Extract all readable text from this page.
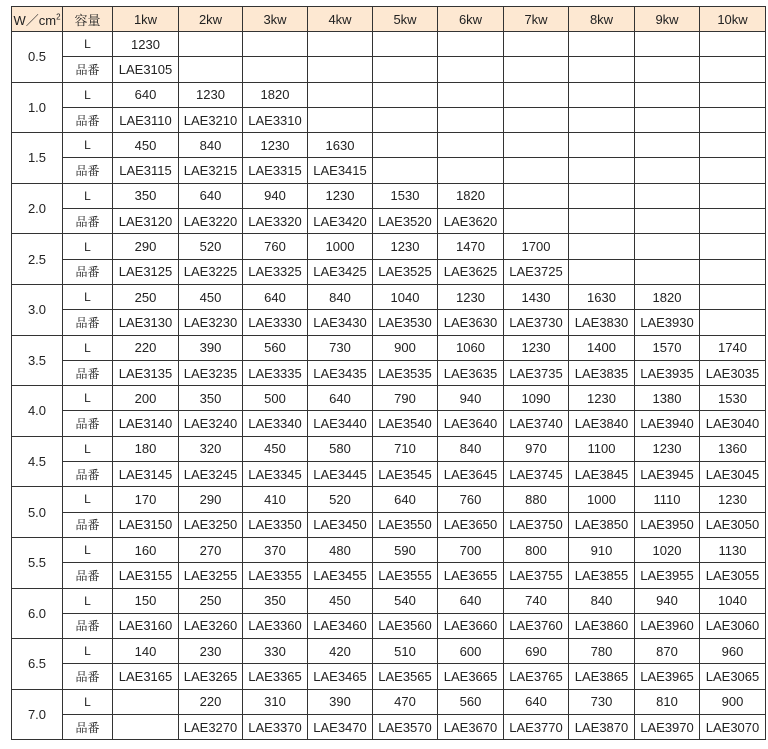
$W/cm^2$	容量	1kw	2kw	3kw	4kw	5kw	6kw	7kw	8kw	9kw	10kw
0.5	L	1230									
	品番	LAE3105									
1.0	L	640	1230	1820							
	品番	LAE3110	LAE3210	LAE3310							
1.5	L	450	840	1230	1630						
	品番	LAE3115	LAE3215	LAE3315	LAE3415						
2.0	L	350	640	940	1230	1530	1820				
	品番	LAE3120	LAE3220	LAE3320	LAE3420	LAE3520	LAE3620				
2.5	L	290	520	760	1000	1230	1470	1700			
	品番	LAE3125	LAE3225	LAE3325	LAE3425	LAE3525	LAE3625	LAE3725			
3.0	L	250	450	640	840	1040	1230	1430	1630	1820	
	品番	LAE3130	LAE3230	LAE3330	LAE3430	LAE3530	LAE3630	LAE3730	LAE3830	LAE3930	
3.5	L	220	390	560	730	900	1060	1230	1400	1570	1740
	品番	LAE3135	LAE3235	LAE3335	LAE3435	LAE3535	LAE3635	LAE3735	LAE3835	LAE3935	LAE3035
4.0	L	200	350	500	640	790	940	1090	1230	1380	1530
	品番	LAE3140	LAE3240	LAE3340	LAE3440	LAE3540	LAE3640	LAE3740	LAE3840	LAE3940	LAE3040
4.5	L	180	320	450	580	710	840	970	1100	1230	1360
	品番	LAE3145	LAE3245	LAE3345	LAE3445	LAE3545	LAE3645	LAE3745	LAE3845	LAE3945	LAE3045
5.0	L	170	290	410	520	640	760	880	1000	1110	1230
	品番	LAE3150	LAE3250	LAE3350	LAE3450	LAE3550	LAE3650	LAE3750	LAE3850	LAE3950	LAE3050
5.5	L	160	270	370	480	590	700	800	910	1020	1130
	品番	LAE3155	LAE3255	LAE3355	LAE3455	LAE3555	LAE3655	LAE3755	LAE3855	LAE3955	LAE3055
6.0	L	150	250	350	450	540	640	740	840	940	1040
	品番	LAE3160	LAE3260	LAE3360	LAE3460	LAE3560	LAE3660	LAE3760	LAE3860	LAE3960	LAE3060
6.5	L	140	230	330	420	510	600	690	780	870	960
	品番	LAE3165	LAE3265	LAE3365	LAE3465	LAE3565	LAE3665	LAE3765	LAE3865	LAE3965	LAE3065
7.0	L		220	310	390	470	560	640	730	810	900
	品番		LAE3270	LAE3370	LAE3470	LAE3570	LAE3670	LAE3770	LAE3870	LAE3970	LAE3070
